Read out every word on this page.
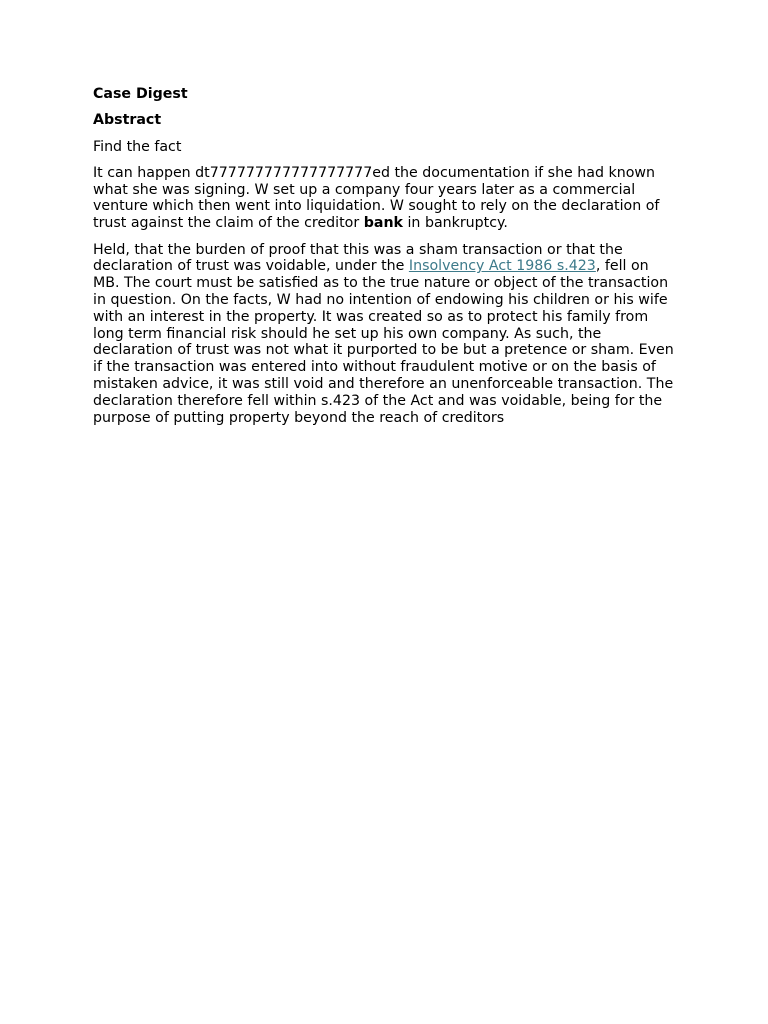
Case Digest
Abstract
Find the fact
It can happen dt777777777777777777ed the documentation if she had known what she was signing. W set up a company four years later as a commercial venture which then went into liquidation. W sought to rely on the declaration of trust against the claim of the creditor bank in bankruptcy.
Held, that the burden of proof that this was a sham transaction or that the declaration of trust was voidable, under the Insolvency Act 1986 s.423, fell on MB. The court must be satisfied as to the true nature or object of the transaction in question. On the facts, W had no intention of endowing his children or his wife with an interest in the property. It was created so as to protect his family from long term financial risk should he set up his own company. As such, the declaration of trust was not what it purported to be but a pretence or sham. Even if the transaction was entered into without fraudulent motive or on the basis of mistaken advice, it was still void and therefore an unenforceable transaction. The declaration therefore fell within s.423 of the Act and was voidable, being for the purpose of putting property beyond the reach of creditors
